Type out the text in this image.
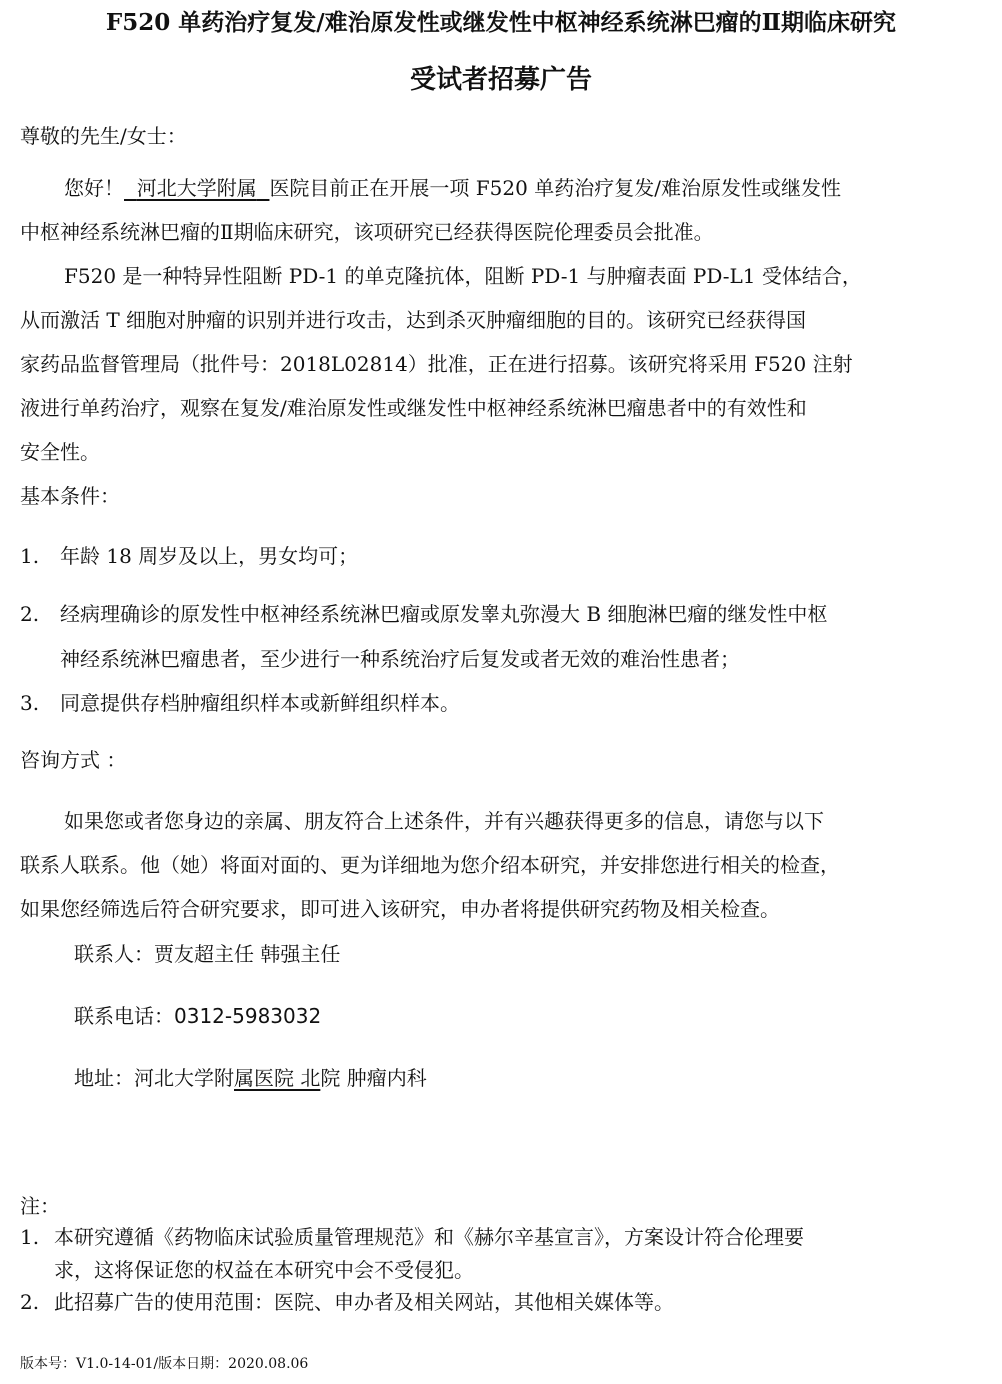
F520 单药治疗复发/难治原发性或继发性中枢神经系统淋巴瘤的Ⅱ期临床研究
受试者招募广告
尊敬的先生/女士：
您好！ 河北大学附属 医院目前正在开展一项 F520 单药治疗复发/难治原发性或继发性
中枢神经系统淋巴瘤的Ⅱ期临床研究，该项研究已经获得医院伦理委员会批准。
F520 是一种特异性阻断 PD-1 的单克隆抗体，阻断 PD-1 与肿瘤表面 PD-L1 受体结合，
从而激活 T 细胞对肿瘤的识别并进行攻击，达到杀灭肿瘤细胞的目的。该研究已经获得国
家药品监督管理局（批件号：2018L02814）批准，正在进行招募。该研究将采用 F520 注射
液进行单药治疗，观察在复发/难治原发性或继发性中枢神经系统淋巴瘤患者中的有效性和
安全性。
基本条件：
1. 年龄 18 周岁及以上，男女均可；
2. 经病理确诊的原发性中枢神经系统淋巴瘤或原发睾丸弥漫大 B 细胞淋巴瘤的继发性中枢
神经系统淋巴瘤患者，至少进行一种系统治疗后复发或者无效的难治性患者；
3. 同意提供存档肿瘤组织样本或新鲜组织样本。
咨询方式 ：
如果您或者您身边的亲属、朋友符合上述条件，并有兴趣获得更多的信息，请您与以下
联系人联系。他（她）将面对面的、更为详细地为您介绍本研究，并安排您进行相关的检查，
如果您经筛选后符合研究要求，即可进入该研究，申办者将提供研究药物及相关检查。
联系人：贾友超主任 韩强主任
联系电话：0312-5983032
地址：河北大学附属医院 北院 肿瘤内科
注：
1. 本研究遵循《药物临床试验质量管理规范》和《赫尔辛基宣言》，方案设计符合伦理要
求，这将保证您的权益在本研究中会不受侵犯。
2. 此招募广告的使用范围：医院、申办者及相关网站，其他相关媒体等。
版本号：V1.0-14-01/版本日期：2020.08.06
